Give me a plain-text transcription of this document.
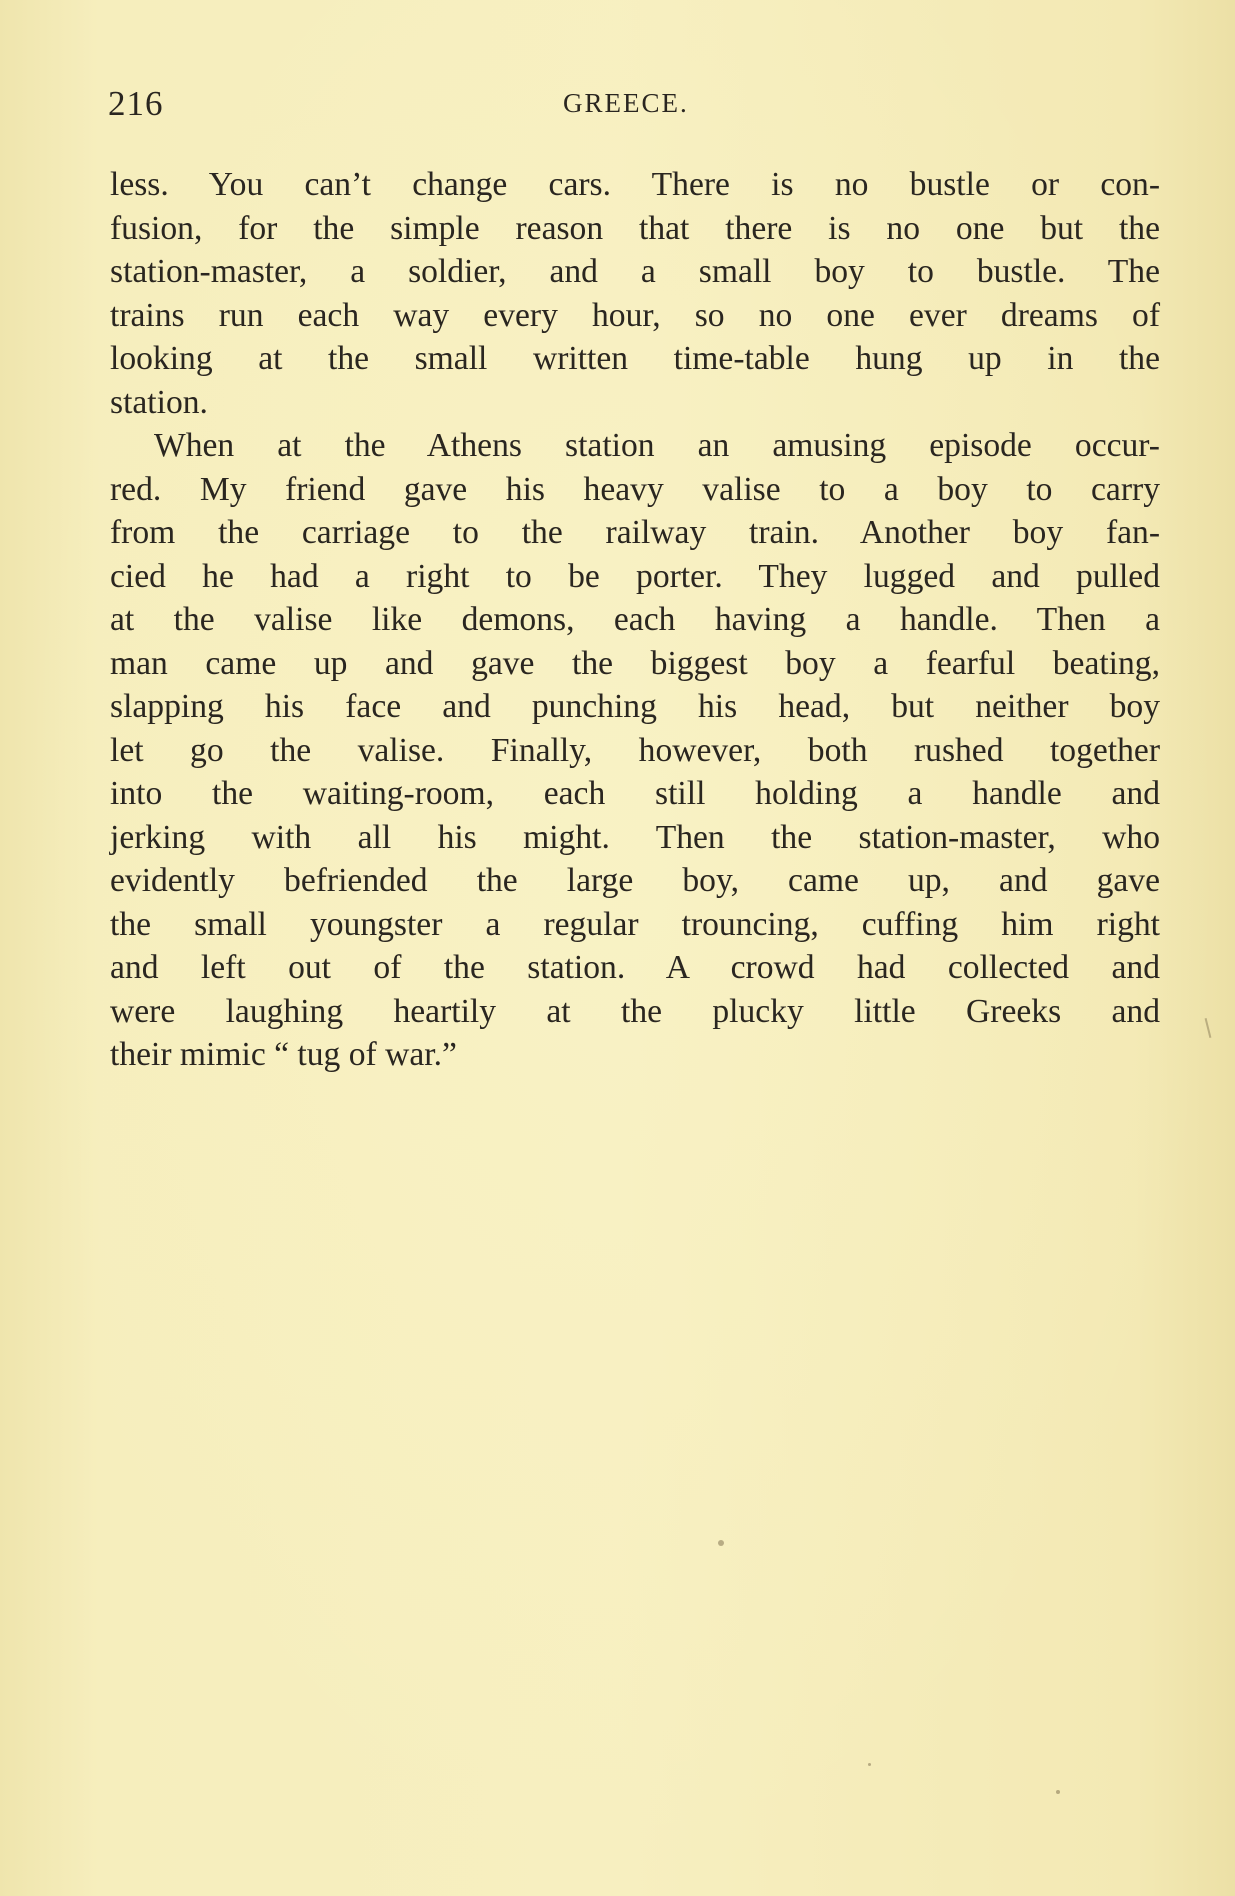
216	GREECE.
less. You can’t change cars. There is no bustle or con-
fusion, for the simple reason that there is no one but the
station-master, a soldier, and a small boy to bustle. The
trains run each way every hour, so no one ever dreams of
looking at the small written time-table hung up in the
station.
When at the Athens station an amusing episode occur-
red. My friend gave his heavy valise to a boy to carry
from the carriage to the railway train. Another boy fan-
cied he had a right to be porter. They lugged and pulled
at the valise like demons, each having a handle. Then a
man came up and gave the biggest boy a fearful beating,
slapping his face and punching his head, but neither boy
let go the valise. Finally, however, both rushed together
into the waiting-room, each still holding a handle and
jerking with all his might. Then the station-master, who
evidently befriended the large boy, came up, and gave
the small youngster a regular trouncing, cuffing him right
and left out of the station. A crowd had collected and
were laughing heartily at the plucky little Greeks and
their mimic “ tug of war.”
